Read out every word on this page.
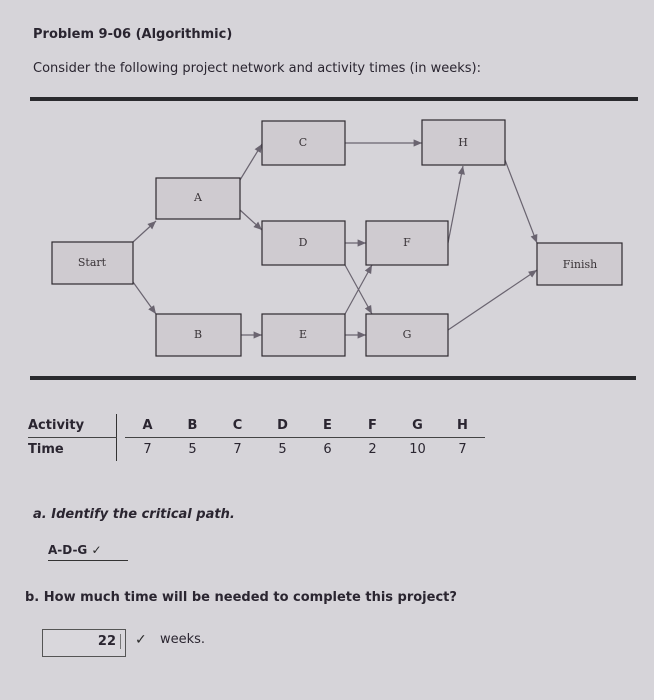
Problem 9-06 (Algorithmic)
Consider the following project network and activity times (in weeks):
Start
A
B
C
D
E
F
G
H
Finish
Activity		A	B	C	D	E	F	G	H
Time		7	5	7	5	6	2	10	7
a. Identify the critical path.
A-D-G ✓
b. How much time will be needed to complete this project?
22	✓ weeks.
